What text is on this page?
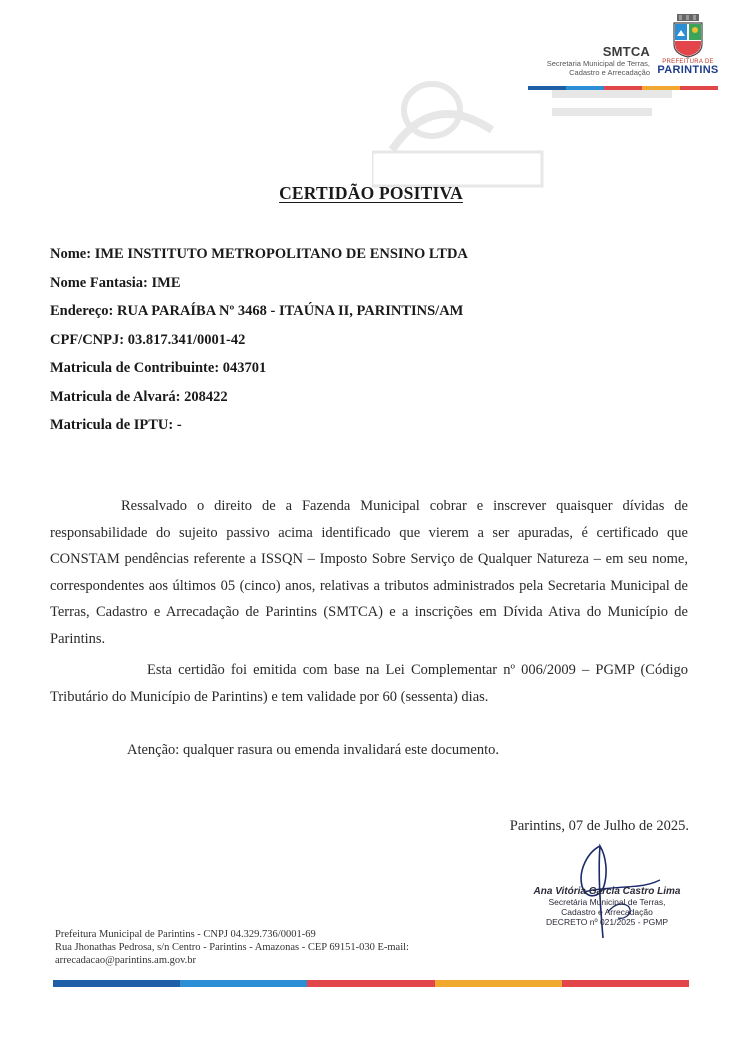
SMTCA
Secretaria Municipal de Terras,
Cadastro e Arrecadação
PREFEITURA DE
PARINTINS
CERTIDÃO POSITIVA
Nome: IME INSTITUTO METROPOLITANO DE ENSINO LTDA
Nome Fantasia: IME
Endereço: RUA PARAÍBA Nº 3468 - ITAÚNA II, PARINTINS/AM
CPF/CNPJ: 03.817.341/0001-42
Matricula de Contribuinte: 043701
Matricula de Alvará: 208422
Matricula de IPTU: -
Ressalvado o direito de a Fazenda Municipal cobrar e inscrever quaisquer dívidas de responsabilidade do sujeito passivo acima identificado que vierem a ser apuradas, é certificado que CONSTAM pendências referente a ISSQN – Imposto Sobre Serviço de Qualquer Natureza – em seu nome, correspondentes aos últimos 05 (cinco) anos, relativas a tributos administrados pela Secretaria Municipal de Terras, Cadastro e Arrecadação de Parintins (SMTCA) e a inscrições em Dívida Ativa do Município de Parintins.
Esta certidão foi emitida com base na Lei Complementar nº 006/2009 – PGMP (Código Tributário do Município de Parintins) e tem validade por 60 (sessenta) dias.
Atenção: qualquer rasura ou emenda invalidará este documento.
Parintins, 07 de Julho de 2025.
Ana Vitória Garcia Castro Lima
Secretária Municipal de Terras,
Cadastro e Arrecadação
DECRETO nº 021/2025 - PGMP
Prefeitura Municipal de Parintins - CNPJ 04.329.736/0001-69
Rua Jhonathas Pedrosa, s/n Centro - Parintins - Amazonas - CEP 69151-030 E-mail:
arrecadacao@parintins.am.gov.br
